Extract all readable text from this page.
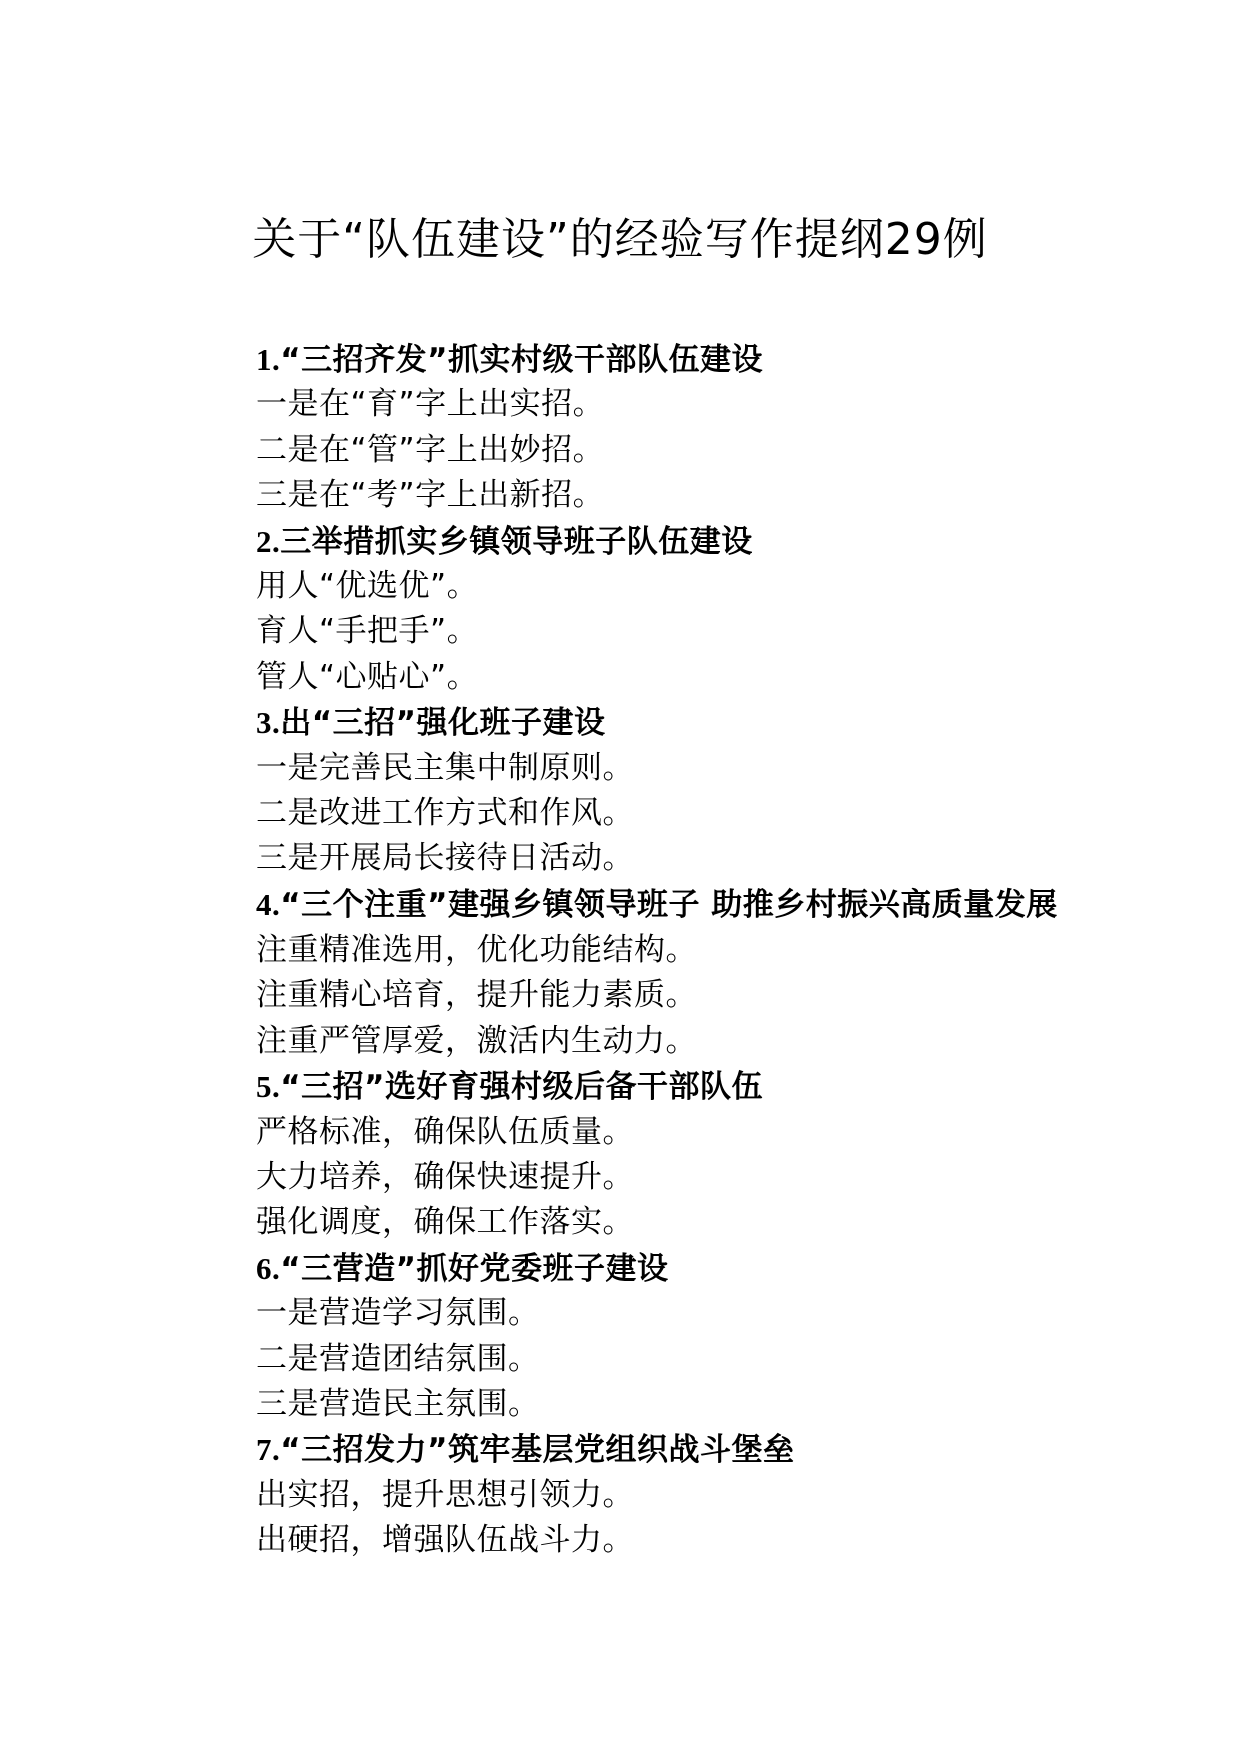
关于“队伍建设”的经验写作提纲29例
1.“三招齐发”抓实村级干部队伍建设
一是在“育”字上出实招。
二是在“管”字上出妙招。
三是在“考”字上出新招。
2.三举措抓实乡镇领导班子队伍建设
用人“优选优”。
育人“手把手”。
管人“心贴心”。
3.出“三招”强化班子建设
一是完善民主集中制原则。
二是改进工作方式和作风。
三是开展局长接待日活动。
4.“三个注重”建强乡镇领导班子 助推乡村振兴高质量发展
注重精准选用，优化功能结构。
注重精心培育，提升能力素质。
注重严管厚爱，激活内生动力。
5.“三招”选好育强村级后备干部队伍
严格标准，确保队伍质量。
大力培养，确保快速提升。
强化调度，确保工作落实。
6.“三营造”抓好党委班子建设
一是营造学习氛围。
二是营造团结氛围。
三是营造民主氛围。
7.“三招发力”筑牢基层党组织战斗堡垒
出实招，提升思想引领力。
出硬招，增强队伍战斗力。
